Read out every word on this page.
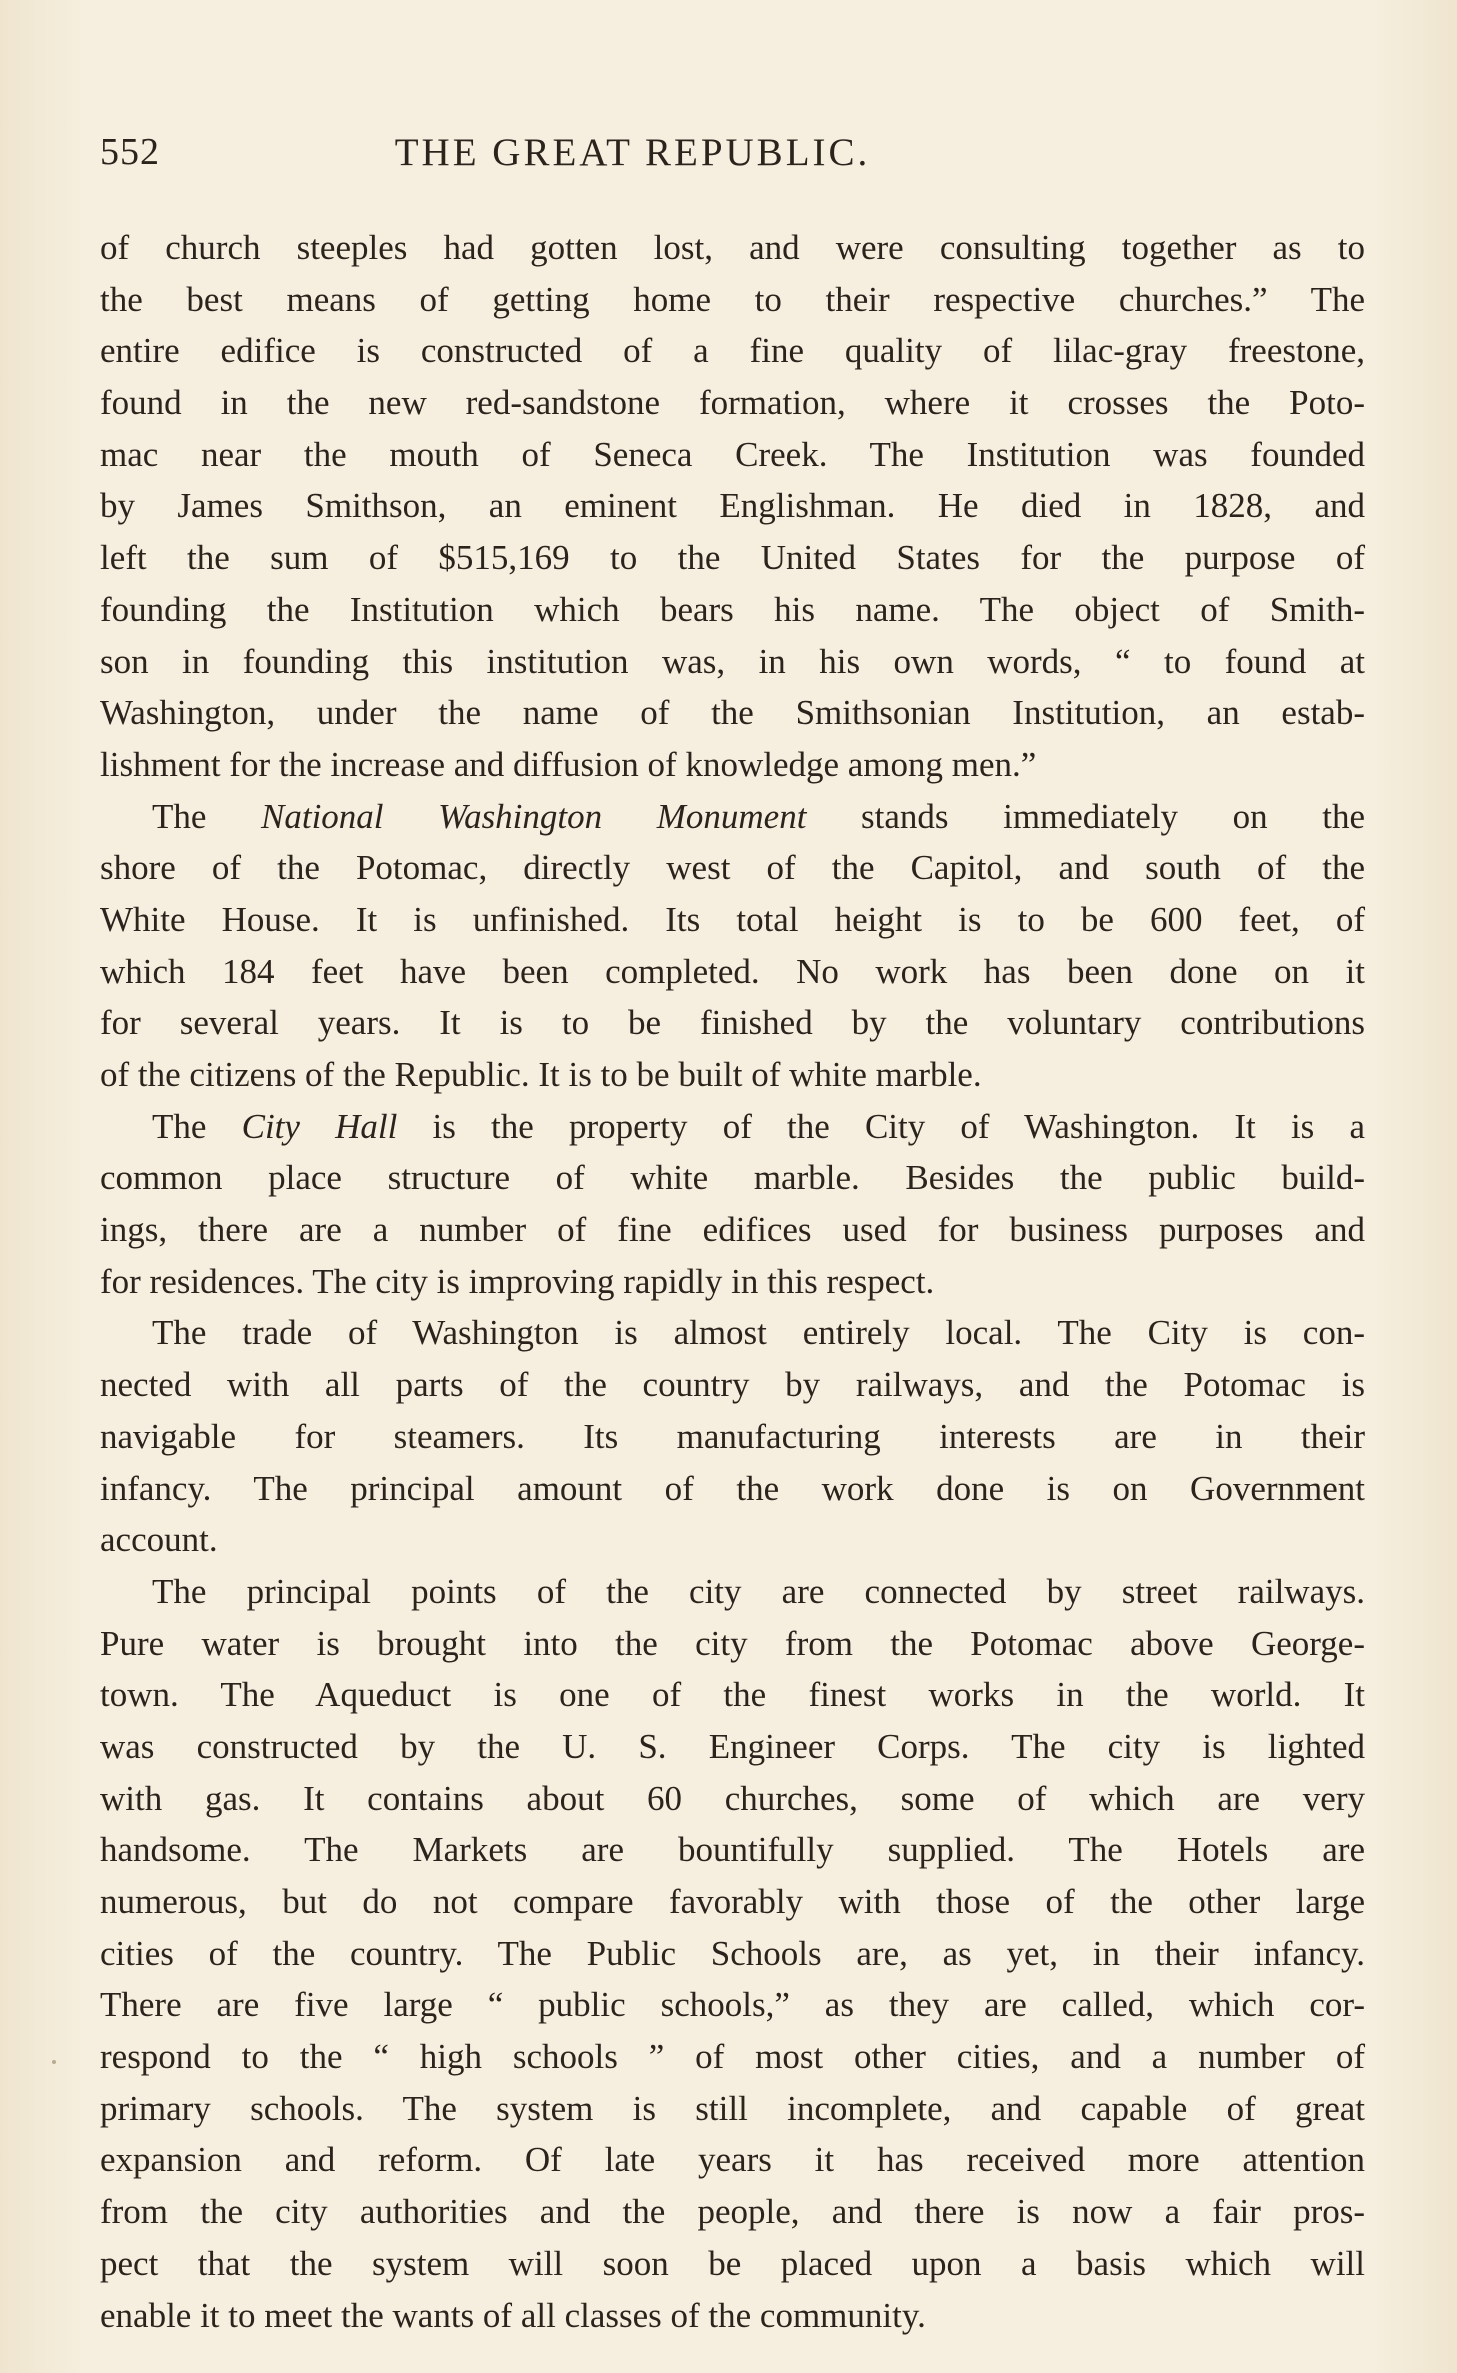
552	THE GREAT REPUBLIC.
of church steeples had gotten lost, and were consulting together as to
the best means of getting home to their respective churches.” The
entire edifice is constructed of a fine quality of lilac-gray freestone,
found in the new red-sandstone formation, where it crosses the Poto-
mac near the mouth of Seneca Creek. The Institution was founded
by James Smithson, an eminent Englishman. He died in 1828, and
left the sum of $515,169 to the United States for the purpose of
founding the Institution which bears his name. The object of Smith-
son in founding this institution was, in his own words, “ to found at
Washington, under the name of the Smithsonian Institution, an estab-
lishment for the increase and diffusion of knowledge among men.”
The National Washington Monument stands immediately on the
shore of the Potomac, directly west of the Capitol, and south of the
White House. It is unfinished. Its total height is to be 600 feet, of
which 184 feet have been completed. No work has been done on it
for several years. It is to be finished by the voluntary contributions
of the citizens of the Republic. It is to be built of white marble.
The City Hall is the property of the City of Washington. It is a
common place structure of white marble. Besides the public build-
ings, there are a number of fine edifices used for business purposes and
for residences. The city is improving rapidly in this respect.
The trade of Washington is almost entirely local. The City is con-
nected with all parts of the country by railways, and the Potomac is
navigable for steamers. Its manufacturing interests are in their
infancy. The principal amount of the work done is on Government
account.
The principal points of the city are connected by street railways.
Pure water is brought into the city from the Potomac above George-
town. The Aqueduct is one of the finest works in the world. It
was constructed by the U. S. Engineer Corps. The city is lighted
with gas. It contains about 60 churches, some of which are very
handsome. The Markets are bountifully supplied. The Hotels are
numerous, but do not compare favorably with those of the other large
cities of the country. The Public Schools are, as yet, in their infancy.
There are five large “ public schools,” as they are called, which cor-
respond to the “ high schools ” of most other cities, and a number of
primary schools. The system is still incomplete, and capable of great
expansion and reform. Of late years it has received more attention
from the city authorities and the people, and there is now a fair pros-
pect that the system will soon be placed upon a basis which will
enable it to meet the wants of all classes of the community.
